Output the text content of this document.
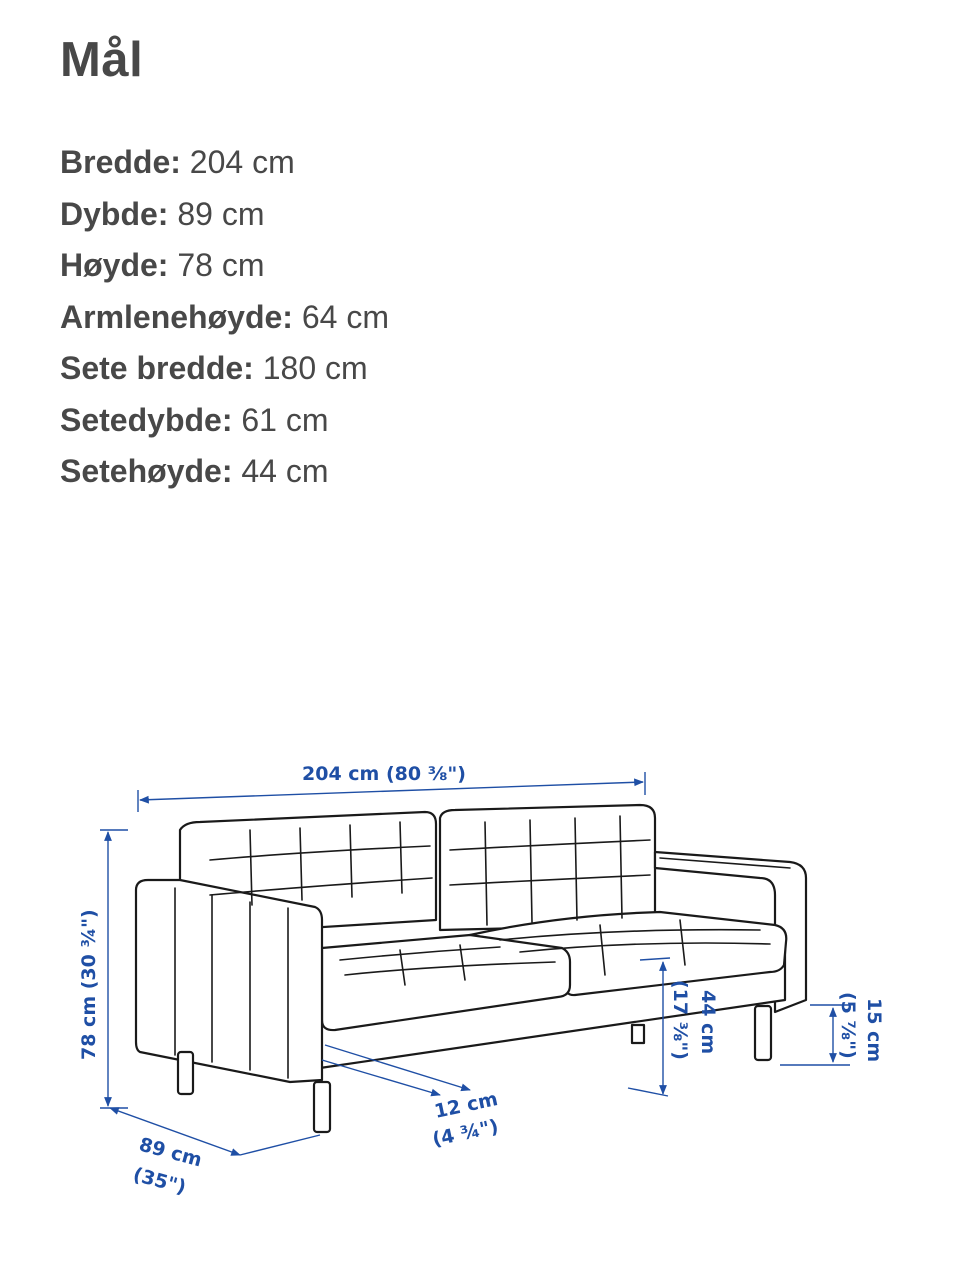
Mål
Bredde: 204 cm
Dybde: 89 cm
Høyde: 78 cm
Armlenehøyde: 64 cm
Sete bredde: 180 cm
Setedybde: 61 cm
Setehøyde: 44 cm
204 cm (80 ⅜")
78 cm (30 ¾")
89 cm
(35")
12 cm
(4 ¾")
44 cm
(17 ⅜")	15 cm
(5 ⅞")
